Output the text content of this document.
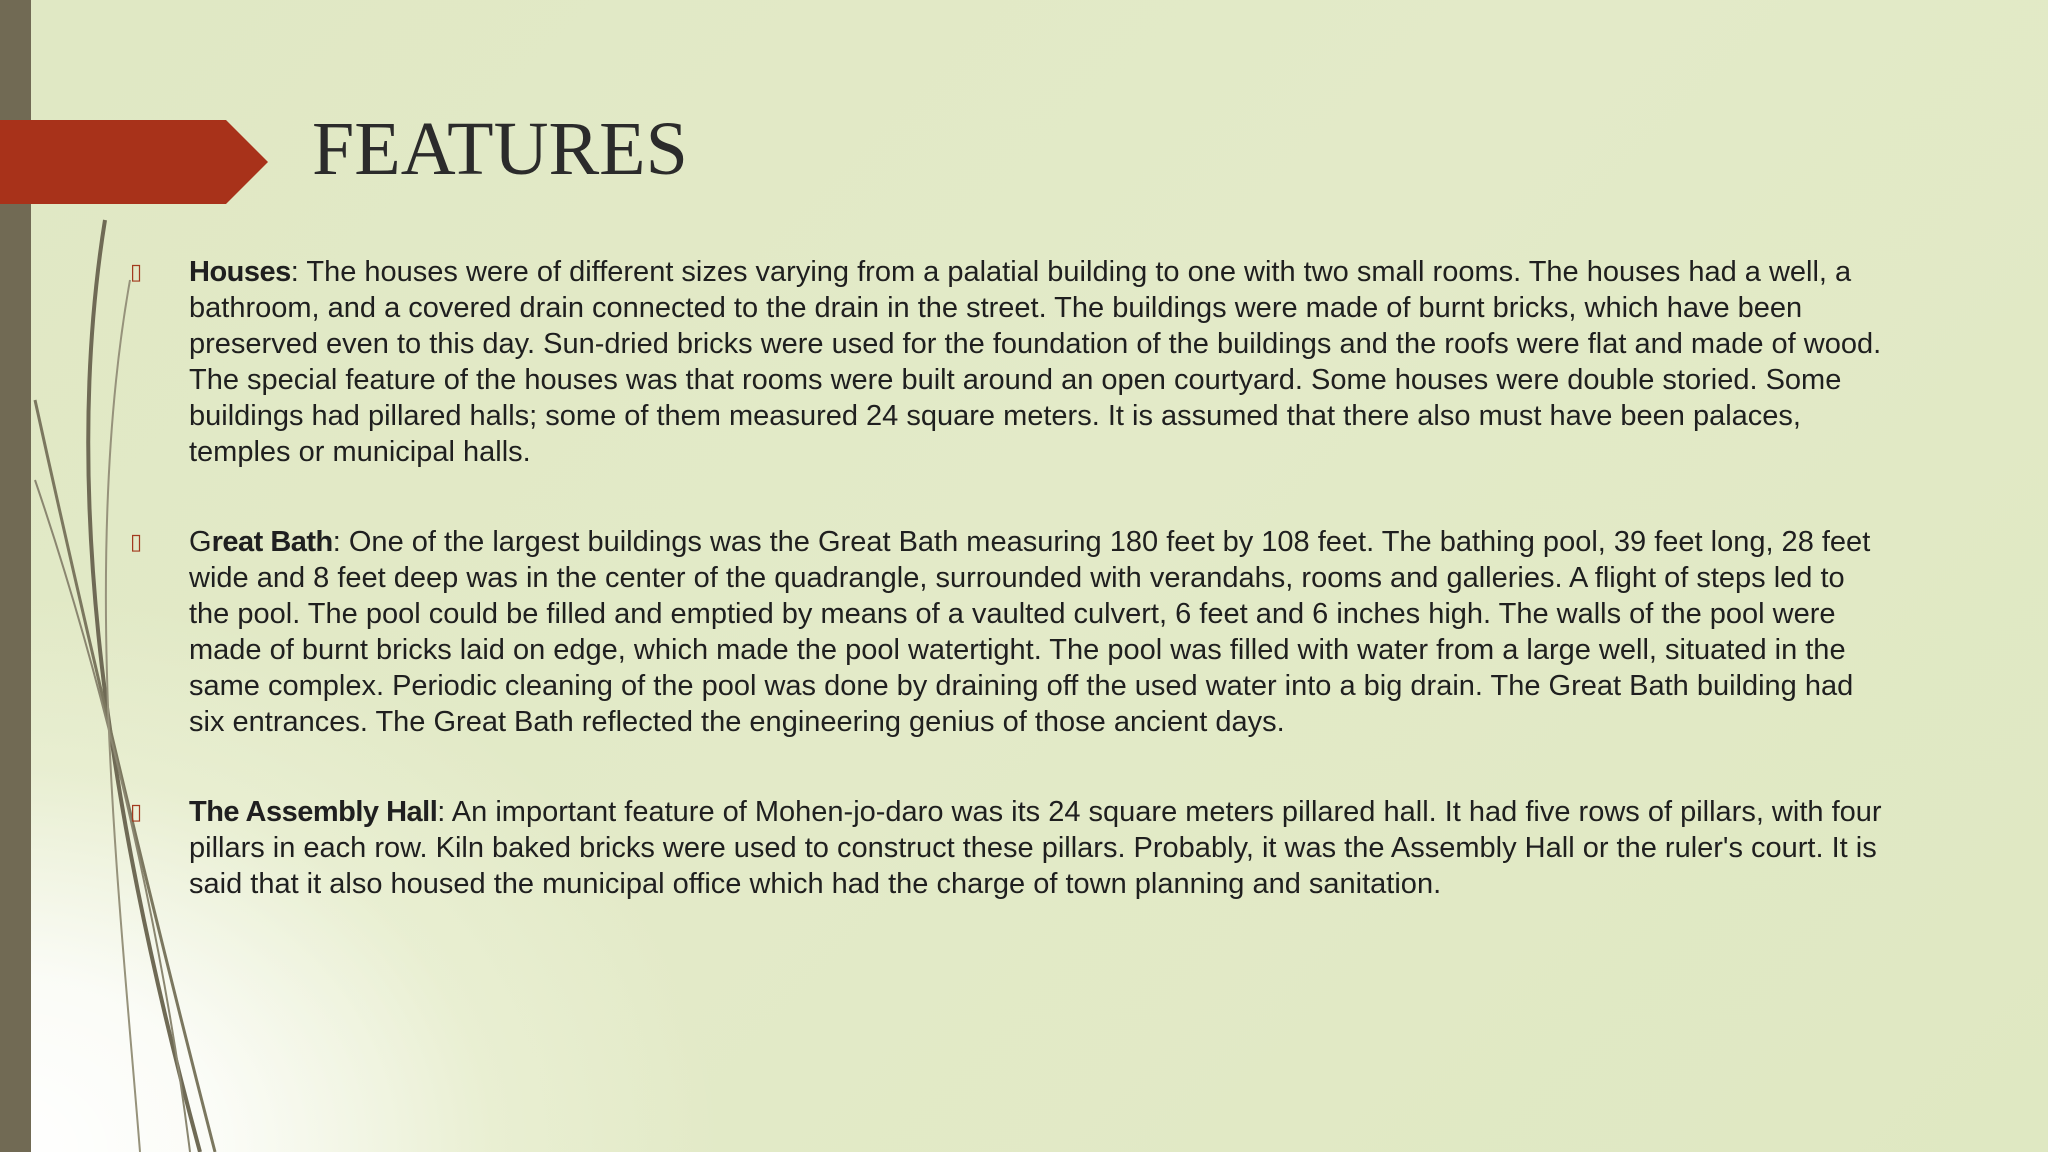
FEATURES
▯ Houses: The houses were of different sizes varying from a palatial building to one with two small rooms. The houses had a well, a bathroom, and a covered drain connected to the drain in the street. The buildings were made of burnt bricks, which have been preserved even to this day. Sun-dried bricks were used for the foundation of the buildings and the roofs were flat and made of wood. The special feature of the houses was that rooms were built around an open courtyard. Some houses were double storied. Some buildings had pillared halls; some of them measured 24 square meters. It is assumed that there also must have been palaces, temples or municipal halls.
▯ Great Bath: One of the largest buildings was the Great Bath measuring 180 feet by 108 feet. The bathing pool, 39 feet long, 28 feet wide and 8 feet deep was in the center of the quadrangle, surrounded with verandahs, rooms and galleries. A flight of steps led to the pool. The pool could be filled and emptied by means of a vaulted culvert, 6 feet and 6 inches high. The walls of the pool were made of burnt bricks laid on edge, which made the pool watertight. The pool was filled with water from a large well, situated in the same complex. Periodic cleaning of the pool was done by draining off the used water into a big drain. The Great Bath building had six entrances. The Great Bath reflected the engineering genius of those ancient days.
▯ The Assembly Hall: An important feature of Mohen-jo-daro was its 24 square meters pillared hall. It had five rows of pillars, with four pillars in each row. Kiln baked bricks were used to construct these pillars. Probably, it was the Assembly Hall or the ruler's court. It is said that it also housed the municipal office which had the charge of town planning and sanitation.
